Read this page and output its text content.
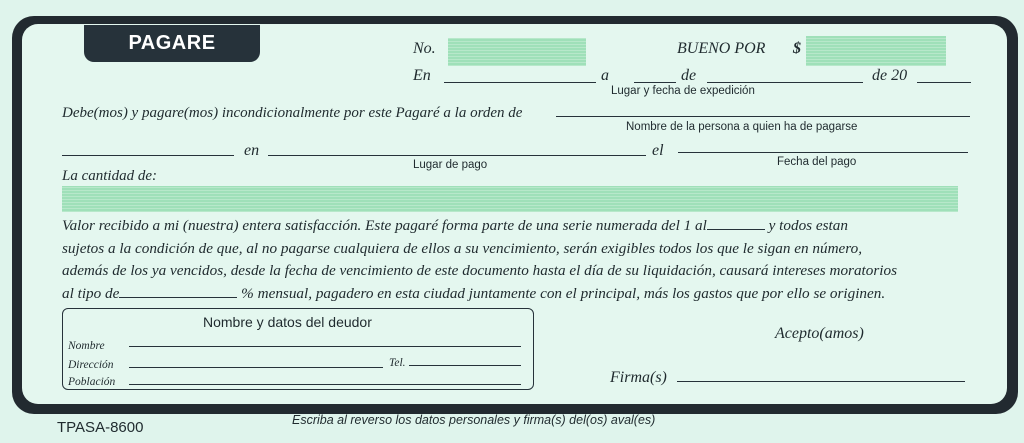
PAGARE	No.	BUENO POR $
En	a	de	de 20
Lugar y fecha de expedición
Debe(mos) y pagare(mos) incondicionalmente por este Pagaré a la orden de
Nombre de la persona a quien ha de pagarse
en	el
Lugar de pago	Fecha del pago
La cantidad de:

Valor recibido a mi (nuestra) entera satisfacción. Este pagaré forma parte de una serie numerada del 1 al	y todos estan

sujetos a la condición de que, al no pagarse cualquiera de ellos a su vencimiento, serán exigibles todos los que le sigan en número,

además de los ya vencidos, desde la fecha de vencimiento de este documento hasta el día de su liquidación, causará intereses moratorios

al tipo de	% mensual, pagadero en esta ciudad juntamente con el principal, más los gastos que por ello se originen.

Nombre y datos del deudor
Nombre
Dirección	Tel.
Población
Acepto(amos)
Firma(s)
TPASA-8600	Escriba al reverso los datos personales y firma(s) del(os) aval(es)
